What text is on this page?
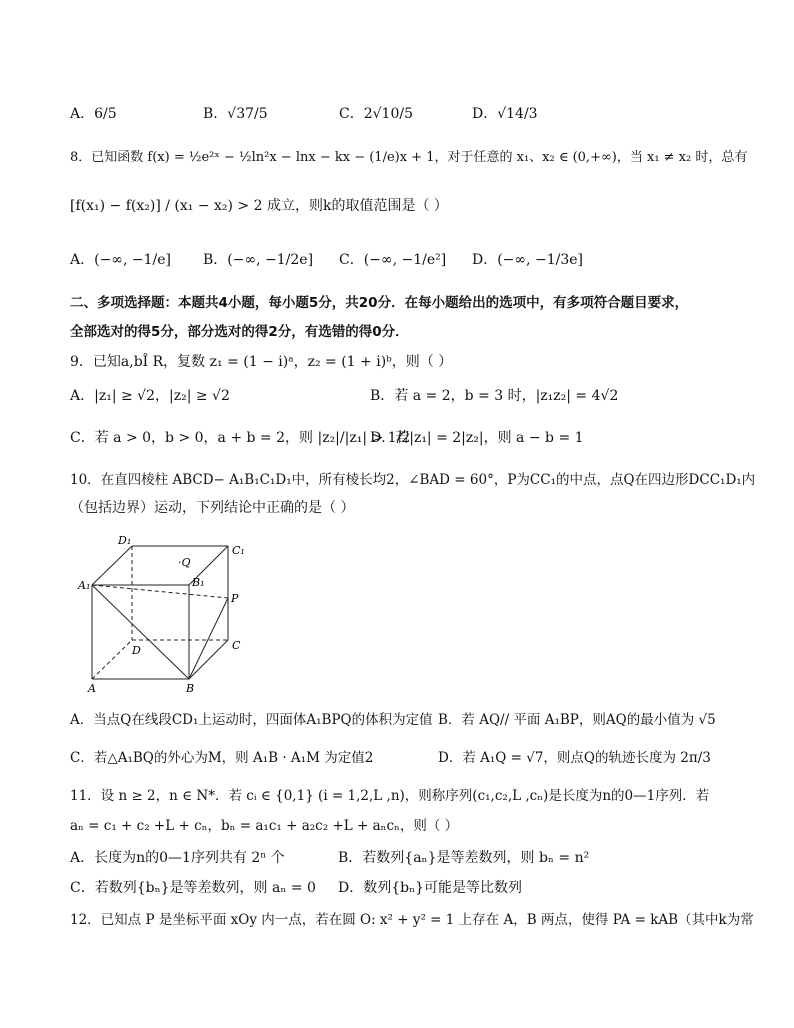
A．6/5	B．√37/5	C．2√10/5	D．√14/3
8．已知函数 f(x) = ½e²ˣ − ½ln²x − lnx − kx − (1/e)x + 1，对于任意的 x₁、x₂ ∈ (0,+∞)，当 x₁ ≠ x₂ 时，总有
[f(x₁) − f(x₂)] / (x₁ − x₂) > 2 成立，则k的取值范围是（ ）
A．(−∞, −1/e] B．(−∞, −1/2e] C．(−∞, −1/e²] D．(−∞, −1/3e]
二、多项选择题：本题共4小题，每小题5分，共20分．在每小题给出的选项中，有多项符合题目要求，
全部选对的得5分，部分选对的得2分，有选错的得0分．
9．已知a,bÎ R，复数 z₁ = (1 − i)ᵃ，z₂ = (1 + i)ᵇ，则（ ）
A．|z₁| ≥ √2，|z₂| ≥ √2	B．若 a = 2，b = 3 时，|z₁z₂| = 4√2
C．若 a > 0，b > 0，a + b = 2，则 |z₂|/|z₁| > 1/2
D．若|z₁| = 2|z₂|，则 a − b = 1
10．在直四棱柱 ABCD− A₁B₁C₁D₁中，所有棱长均2，∠BAD = 60°，P为CC₁的中点，点Q在四边形DCC₁D₁内
（包括边界）运动，下列结论中正确的是（ ）
D₁
C₁
A₁	B₁
·Q
P
D	C
A	B
A．当点Q在线段CD₁上运动时，四面体A₁BPQ的体积为定值 B．若 AQ// 平面 A₁BP，则AQ的最小值为 √5
C．若△A₁BQ的外心为M，则 A₁B · A₁M 为定值2	D．若 A₁Q = √7，则点Q的轨迹长度为 2π/3
11．设 n ≥ 2，n ∈ N*．若 cᵢ ∈ {0,1} (i = 1,2,L ,n)，则称序列(c₁,c₂,L ,cₙ)是长度为n的0—1序列．若
aₙ = c₁ + c₂ +L + cₙ，bₙ = a₁c₁ + a₂c₂ +L + aₙcₙ，则（ ）
A．长度为n的0—1序列共有 2ⁿ 个	B．若数列{aₙ}是等差数列，则 bₙ = n²
C．若数列{bₙ}是等差数列，则 aₙ = 0 D．数列{bₙ}可能是等比数列
12．已知点 P 是坐标平面 xOy 内一点，若在圆 O: x² + y² = 1 上存在 A，B 两点，使得 PA = kAB（其中k为常
